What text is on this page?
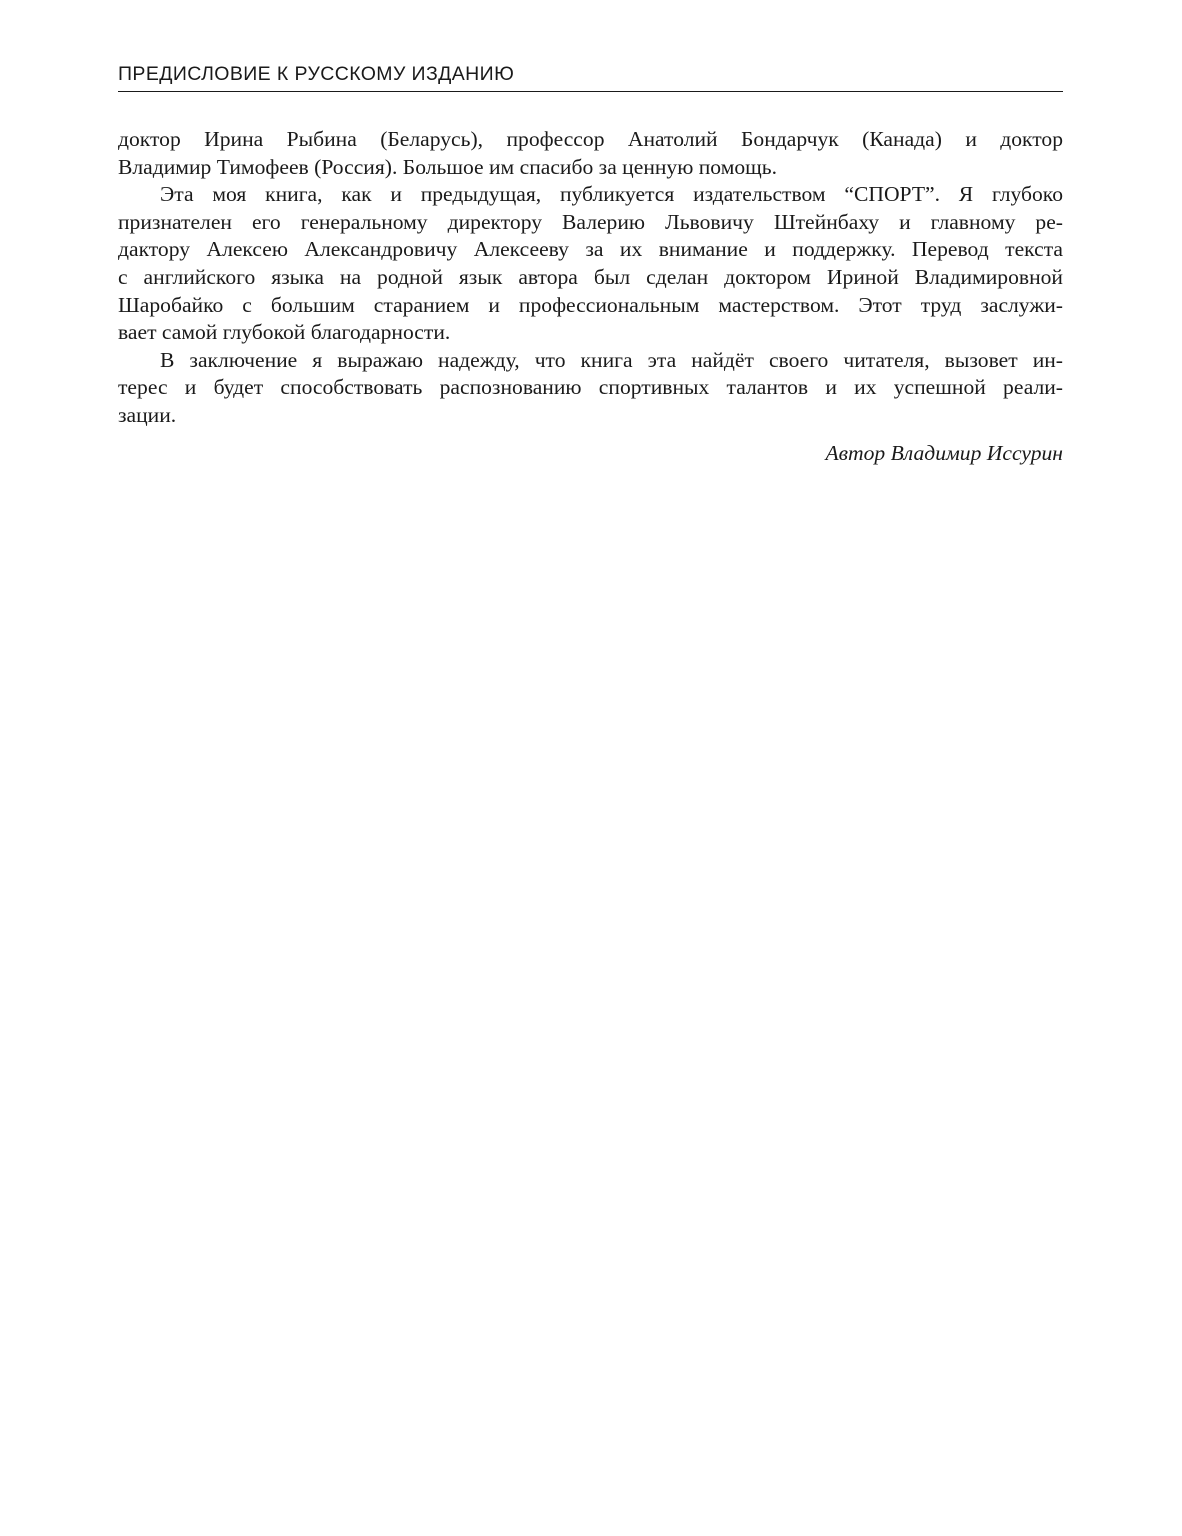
ПРЕДИСЛОВИЕ К РУССКОМУ ИЗДАНИЮ

доктор Ирина Рыбина (Беларусь), профессор Анатолий Бондарчук (Канада) и доктор
Владимир Тимофеев (Россия). Большое им спасибо за ценную помощь.

Эта моя книга, как и предыдущая, публикуется издательством “СПОРТ”. Я глубоко
признателен его генеральному директору Валерию Львовичу Штейнбаху и главному ре-
дактору Алексею Александровичу Алексееву за их внимание и поддержку. Перевод текста
с английского языка на родной язык автора был сделан доктором Ириной Владимировной
Шаробайко с большим старанием и профессиональным мастерством. Этот труд заслужи-
вает самой глубокой благодарности.

В заключение я выражаю надежду, что книга эта найдёт своего читателя, вызовет ин-
терес и будет способствовать распознованию спортивных талантов и их успешной реали-
зации.

Автор Владимир Иссурин
